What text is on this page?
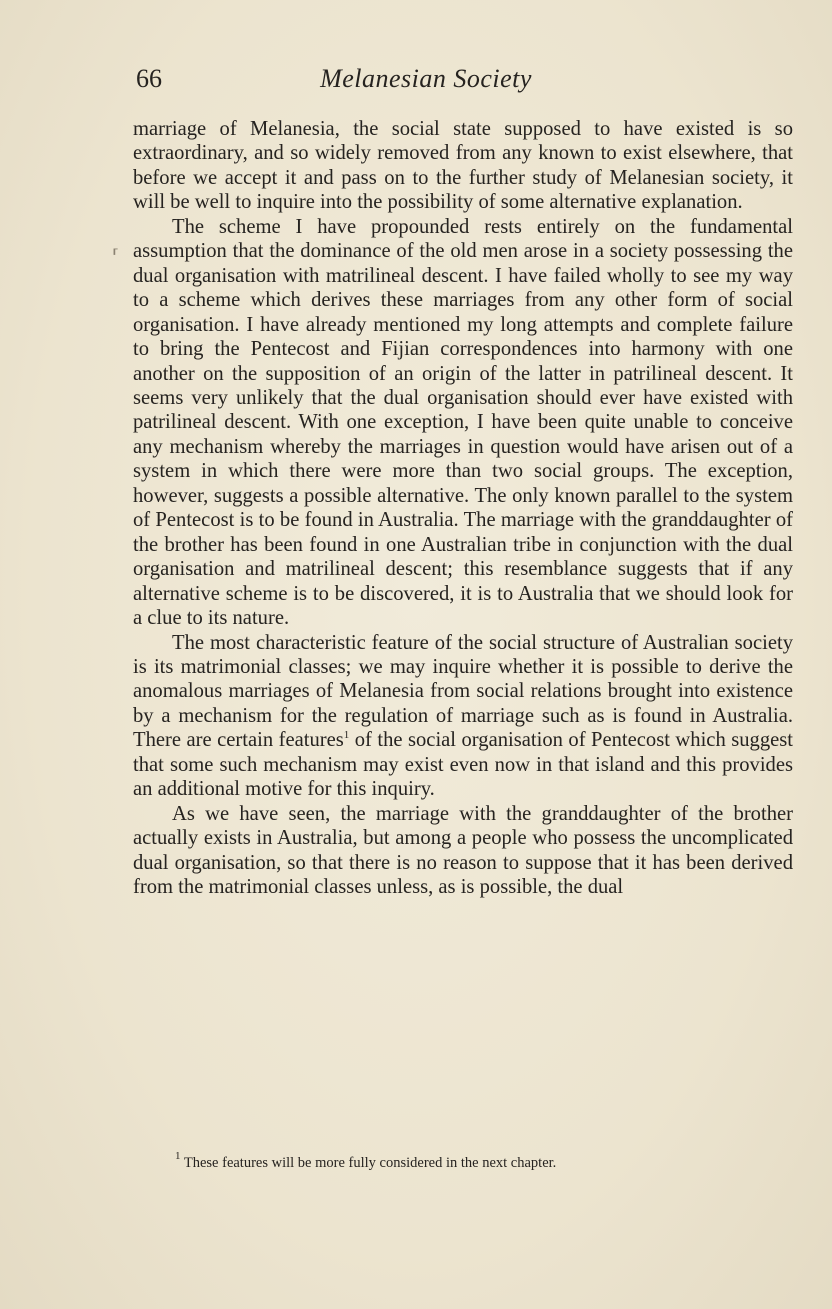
66	Melanesian Society
⸢

marriage of Melanesia, the social state supposed to have existed is so extraordinary, and so widely removed from any known to exist elsewhere, that before we accept it and pass on to the further study of Melanesian society, it will be well to inquire into the possibility of some alternative explanation.

The scheme I have propounded rests entirely on the fundamental assumption that the dominance of the old men arose in a society possessing the dual organisation with matrilineal descent. I have failed wholly to see my way to a scheme which derives these marriages from any other form of social organisation. I have already mentioned my long attempts and complete failure to bring the Pentecost and Fijian correspondences into harmony with one another on the supposition of an origin of the latter in patrilineal descent. It seems very unlikely that the dual organisation should ever have existed with patrilineal descent. With one exception, I have been quite unable to conceive any mechanism whereby the marriages in question would have arisen out of a system in which there were more than two social groups. The exception, however, suggests a possible alternative. The only known parallel to the system of Pentecost is to be found in Australia. The marriage with the granddaughter of the brother has been found in one Australian tribe in conjunction with the dual organisation and matrilineal descent; this resemblance suggests that if any alternative scheme is to be discovered, it is to Australia that we should look for a clue to its nature.

The most characteristic feature of the social structure of Australian society is its matrimonial classes; we may inquire whether it is possible to derive the anomalous marriages of Melanesia from social relations brought into existence by a mechanism for the regulation of marriage such as is found in Australia. There are certain features$^1$ of the social organisation of Pentecost which suggest that some such mechanism may exist even now in that island and this provides an additional motive for this inquiry.

As we have seen, the marriage with the granddaughter of the brother actually exists in Australia, but among a people who possess the uncomplicated dual organisation, so that there is no reason to suppose that it has been derived from the matrimonial classes unless, as is possible, the dual

$^1$ These features will be more fully considered in the next chapter.
